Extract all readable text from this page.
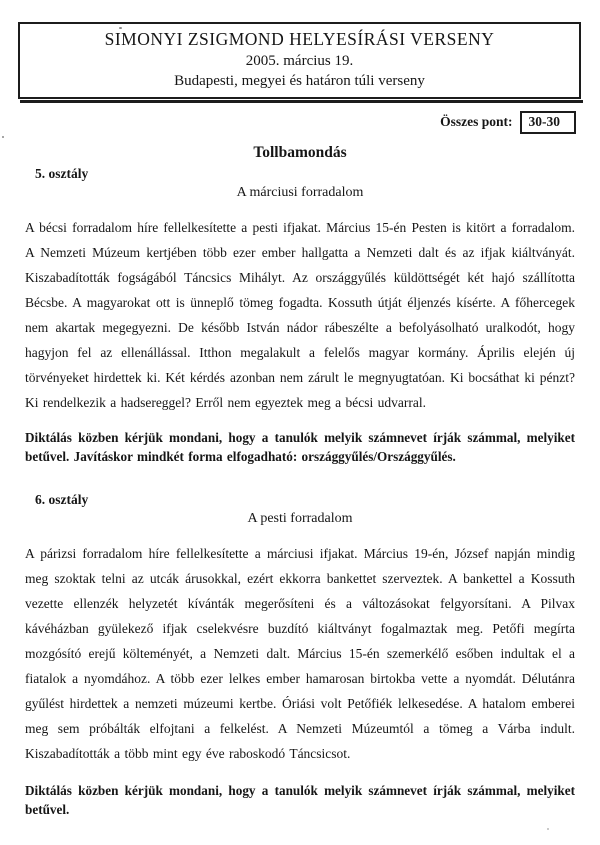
SIMONYI ZSIGMOND HELYESÍRÁSI VERSENY
2005. március 19.
Budapesti, megyei és határon túli verseny
Összes pont:	30-30
Tollbamondás
5. osztály
A márciusi forradalom

A bécsi forradalom híre fellelkesítette a pesti ifjakat. Március 15-én Pesten is kitört a forradalom. A Nemzeti Múzeum kertjében több ezer ember hallgatta a Nemzeti dalt és az ifjak kiáltványát. Kiszabadították fogságából Táncsics Mihályt. Az országgyűlés küldöttségét két hajó szállította Bécsbe. A magyarokat ott is ünneplő tömeg fogadta. Kossuth útját éljenzés kísérte. A főhercegek nem akartak megegyezni. De később István nádor rábeszélte a befolyásolható uralkodót, hogy hagyjon fel az ellenállással. Itthon megalakult a felelős magyar kormány. Április elején új törvényeket hirdettek ki. Két kérdés azonban nem zárult le megnyugtatóan. Ki bocsáthat ki pénzt? Ki rendelkezik a hadsereggel? Erről nem egyeztek meg a bécsi udvarral.

Diktálás közben kérjük mondani, hogy a tanulók melyik számnevet írják számmal, melyiket betűvel. Javításkor mindkét forma elfogadható: országgyűlés/Országgyűlés.

6. osztály
A pesti forradalom

A párizsi forradalom híre fellelkesítette a márciusi ifjakat. Március 19-én, József napján mindig meg szoktak telni az utcák árusokkal, ezért ekkorra bankettet szerveztek. A bankettel a Kossuth vezette ellenzék helyzetét kívánták megerősíteni és a változásokat felgyorsítani. A Pilvax kávéházban gyülekező ifjak cselekvésre buzdító kiáltványt fogalmaztak meg. Petőfi megírta mozgósító erejű költeményét, a Nemzeti dalt. Március 15-én szemerkélő esőben indultak el a fiatalok a nyomdához. A több ezer lelkes ember hamarosan birtokba vette a nyomdát. Délutánra gyűlést hirdettek a nemzeti múzeumi kertbe. Óriási volt Petőfiék lelkesedése. A hatalom emberei meg sem próbálták elfojtani a felkelést. A Nemzeti Múzeumtól a tömeg a Várba indult. Kiszabadították a több mint egy éve raboskodó Táncsicsot.

Diktálás közben kérjük mondani, hogy a tanulók melyik számnevet írják számmal, melyiket betűvel.
